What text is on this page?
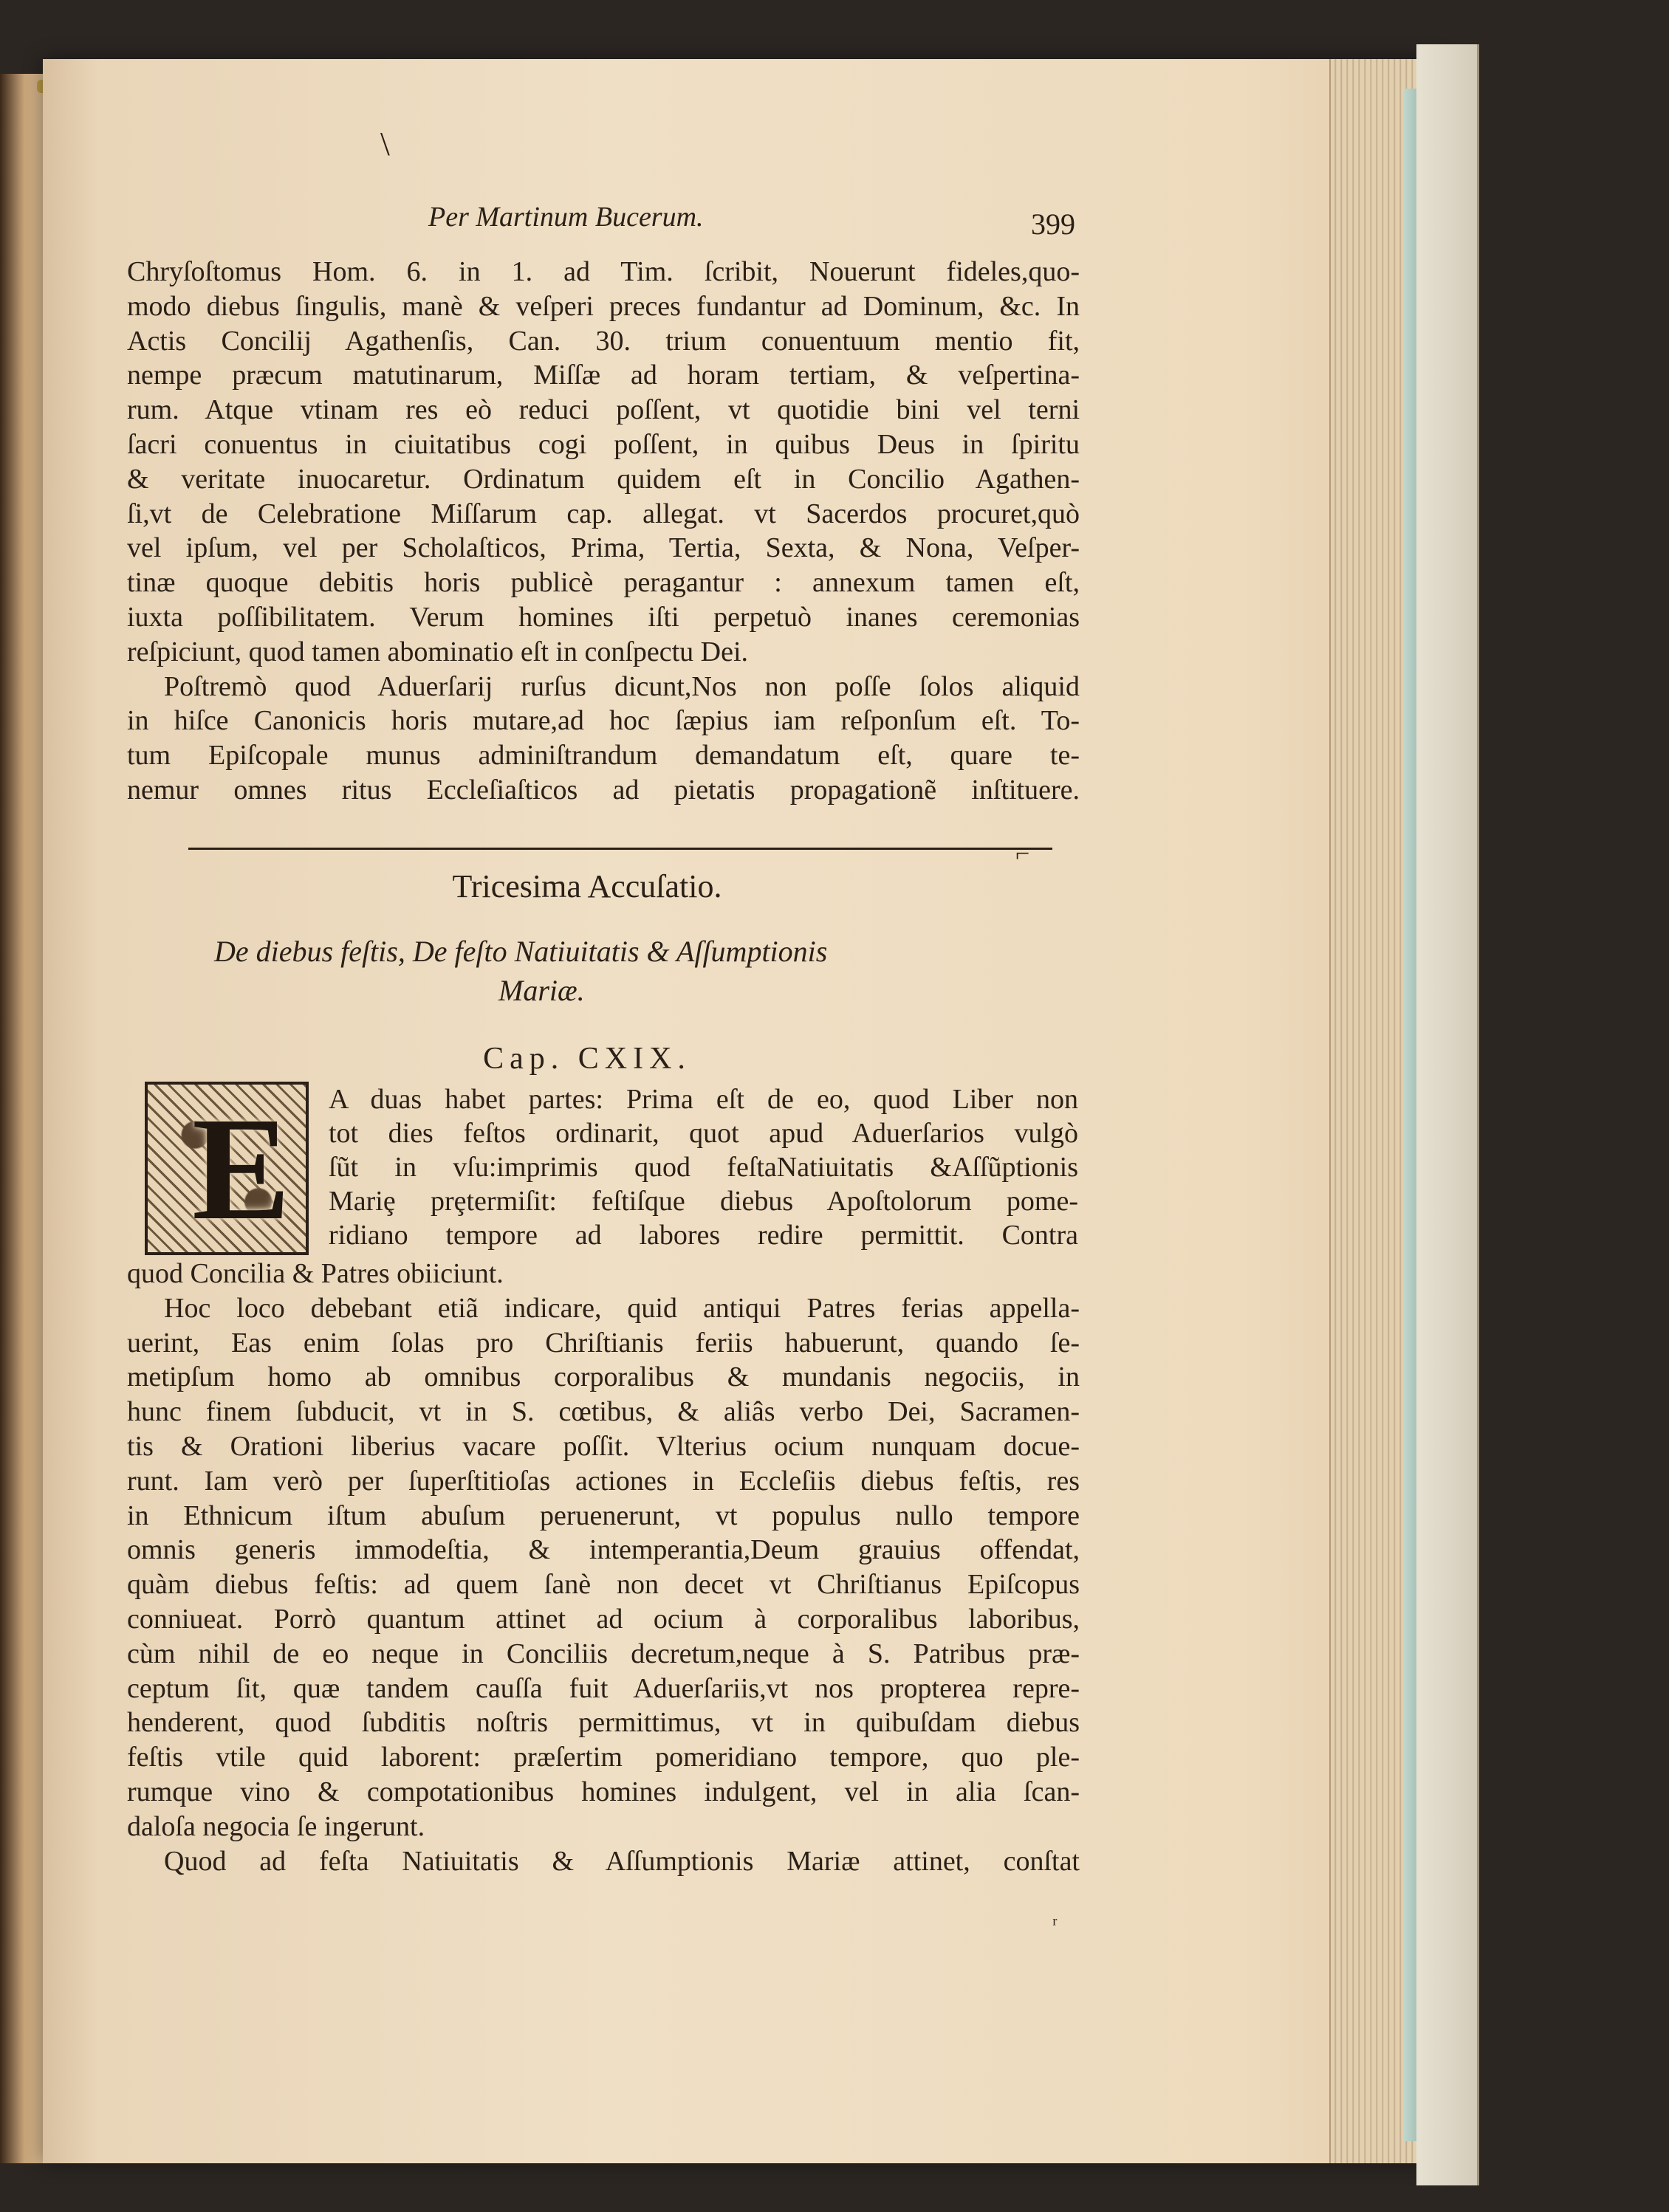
\
Per Martinum Bucerum.	399
Chryſoſtomus Hom. 6. in 1. ad Tim. ſcribit, Nouerunt fideles,quo-
modo diebus ſingulis, manè & veſperi preces fundantur ad Dominum, &c. In
Actis Concilij Agathenſis, Can. 30. trium conuentuum mentio fit,
nempe præcum matutinarum, Miſſæ ad horam tertiam, & veſpertina-
rum. Atque vtinam res eò reduci poſſent, vt quotidie bini vel terni
ſacri conuentus in ciuitatibus cogi poſſent, in quibus Deus in ſpiritu
& veritate inuocaretur. Ordinatum quidem eſt in Concilio Agathen-
ſi,vt de Celebratione Miſſarum cap. allegat. vt Sacerdos procuret,quò
vel ipſum, vel per Scholaſticos, Prima, Tertia, Sexta, & Nona, Veſper-
tinæ quoque debitis horis publicè peragantur : annexum tamen eſt,
iuxta poſſibilitatem. Verum homines iſti perpetuò inanes ceremonias
reſpiciunt, quod tamen abominatio eſt in conſpectu Dei.
Poſtremò quod Aduerſarij rurſus dicunt,Nos non poſſe ſolos aliquid
in hiſce Canonicis horis mutare,ad hoc ſæpius iam reſponſum eſt. To-
tum Epiſcopale munus adminiſtrandum demandatum eſt, quare te-
nemur omnes ritus Eccleſiaſticos ad pietatis propagationẽ inſtituere.
⌐
Tricesima Accuſatio.
De diebus feſtis, De feſto Natiuitatis & Aſſumptionis
Mariæ.
Cap. CXIX.
E A duas habet partes: Prima eſt de eo, quod Liber non
tot dies feſtos ordinarit, quot apud Aduerſarios vulgò
ſũt in vſu:imprimis quod feſtaNatiuitatis &Aſſũptionis
Mariȩ prȩtermiſit: feſtiſque diebus Apoſtolorum pome-
ridiano tempore ad labores redire permittit. Contra
quod Concilia & Patres obiiciunt.
Hoc loco debebant etiã indicare, quid antiqui Patres ferias appella-
uerint, Eas enim ſolas pro Chriſtianis feriis habuerunt, quando ſe-
metipſum homo ab omnibus corporalibus & mundanis negociis, in
hunc finem ſubducit, vt in S. cœtibus, & aliâs verbo Dei, Sacramen-
tis & Orationi liberius vacare poſſit. Vlterius ocium nunquam docue-
runt. Iam verò per ſuperſtitioſas actiones in Eccleſiis diebus feſtis, res
in Ethnicum iſtum abuſum peruenerunt, vt populus nullo tempore
omnis generis immodeſtia, & intemperantia,Deum grauius offendat,
quàm diebus feſtis: ad quem ſanè non decet vt Chriſtianus Epiſcopus
conniueat. Porrò quantum attinet ad ocium à corporalibus laboribus,
cùm nihil de eo neque in Conciliis decretum,neque à S. Patribus præ-
ceptum ſit, quæ tandem cauſſa fuit Aduerſariis,vt nos propterea repre-
henderent, quod ſubditis noſtris permittimus, vt in quibuſdam diebus
feſtis vtile quid laborent: præſertim pomeridiano tempore, quo ple-
rumque vino & compotationibus homines indulgent, vel in alia ſcan-
daloſa negocia ſe ingerunt.
Quod ad feſta Natiuitatis & Aſſumptionis Mariæ attinet, conſtat
ʳ
